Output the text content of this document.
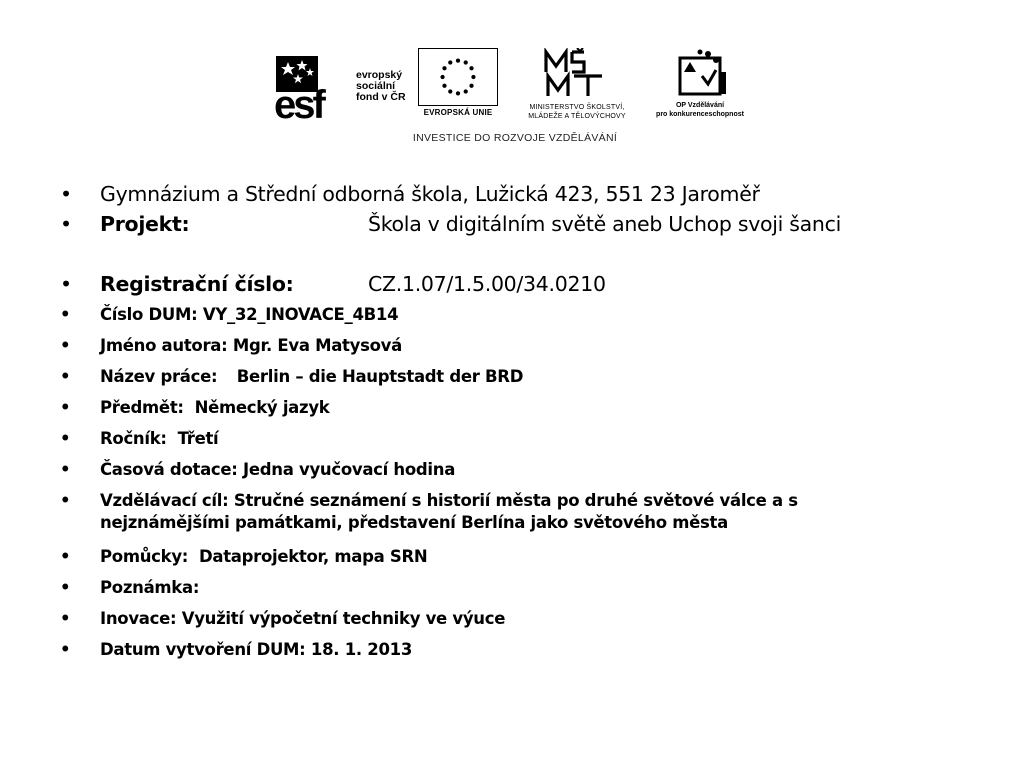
esf
evropský
sociální
fond v ČR
EVROPSKÁ UNIE
MINISTERSTVO ŠKOLSTVÍ,
MLÁDEŽE A TĚLOVÝCHOVY
OP Vzdělávání
pro konkurenceschopnost
INVESTICE DO ROZVOJE VZDĚLÁVÁNÍ
• Gymnázium a Střední odborná škola, Lužická 423, 551 23 Jaroměř
• Projekt:	Škola v digitálním světě aneb Uchop svoji šanci
• Registrační číslo:	CZ.1.07/1.5.00/34.0210
• Číslo DUM: VY_32_INOVACE_4B14
• Jméno autora: Mgr. Eva Matysová
• Název práce: Berlin – die Hauptstadt der BRD
• Předmět:  Německý jazyk
• Ročník:  Třetí
• Časová dotace: Jedna vyučovací hodina
• Vzdělávací cíl: Stručné seznámení s historií města po druhé světové válce a s
nejznámějšími památkami, představení Berlína jako světového města
• Pomůcky:  Dataprojektor, mapa SRN
• Poznámka:
• Inovace: Využití výpočetní techniky ve výuce
• Datum vytvoření DUM: 18. 1. 2013
